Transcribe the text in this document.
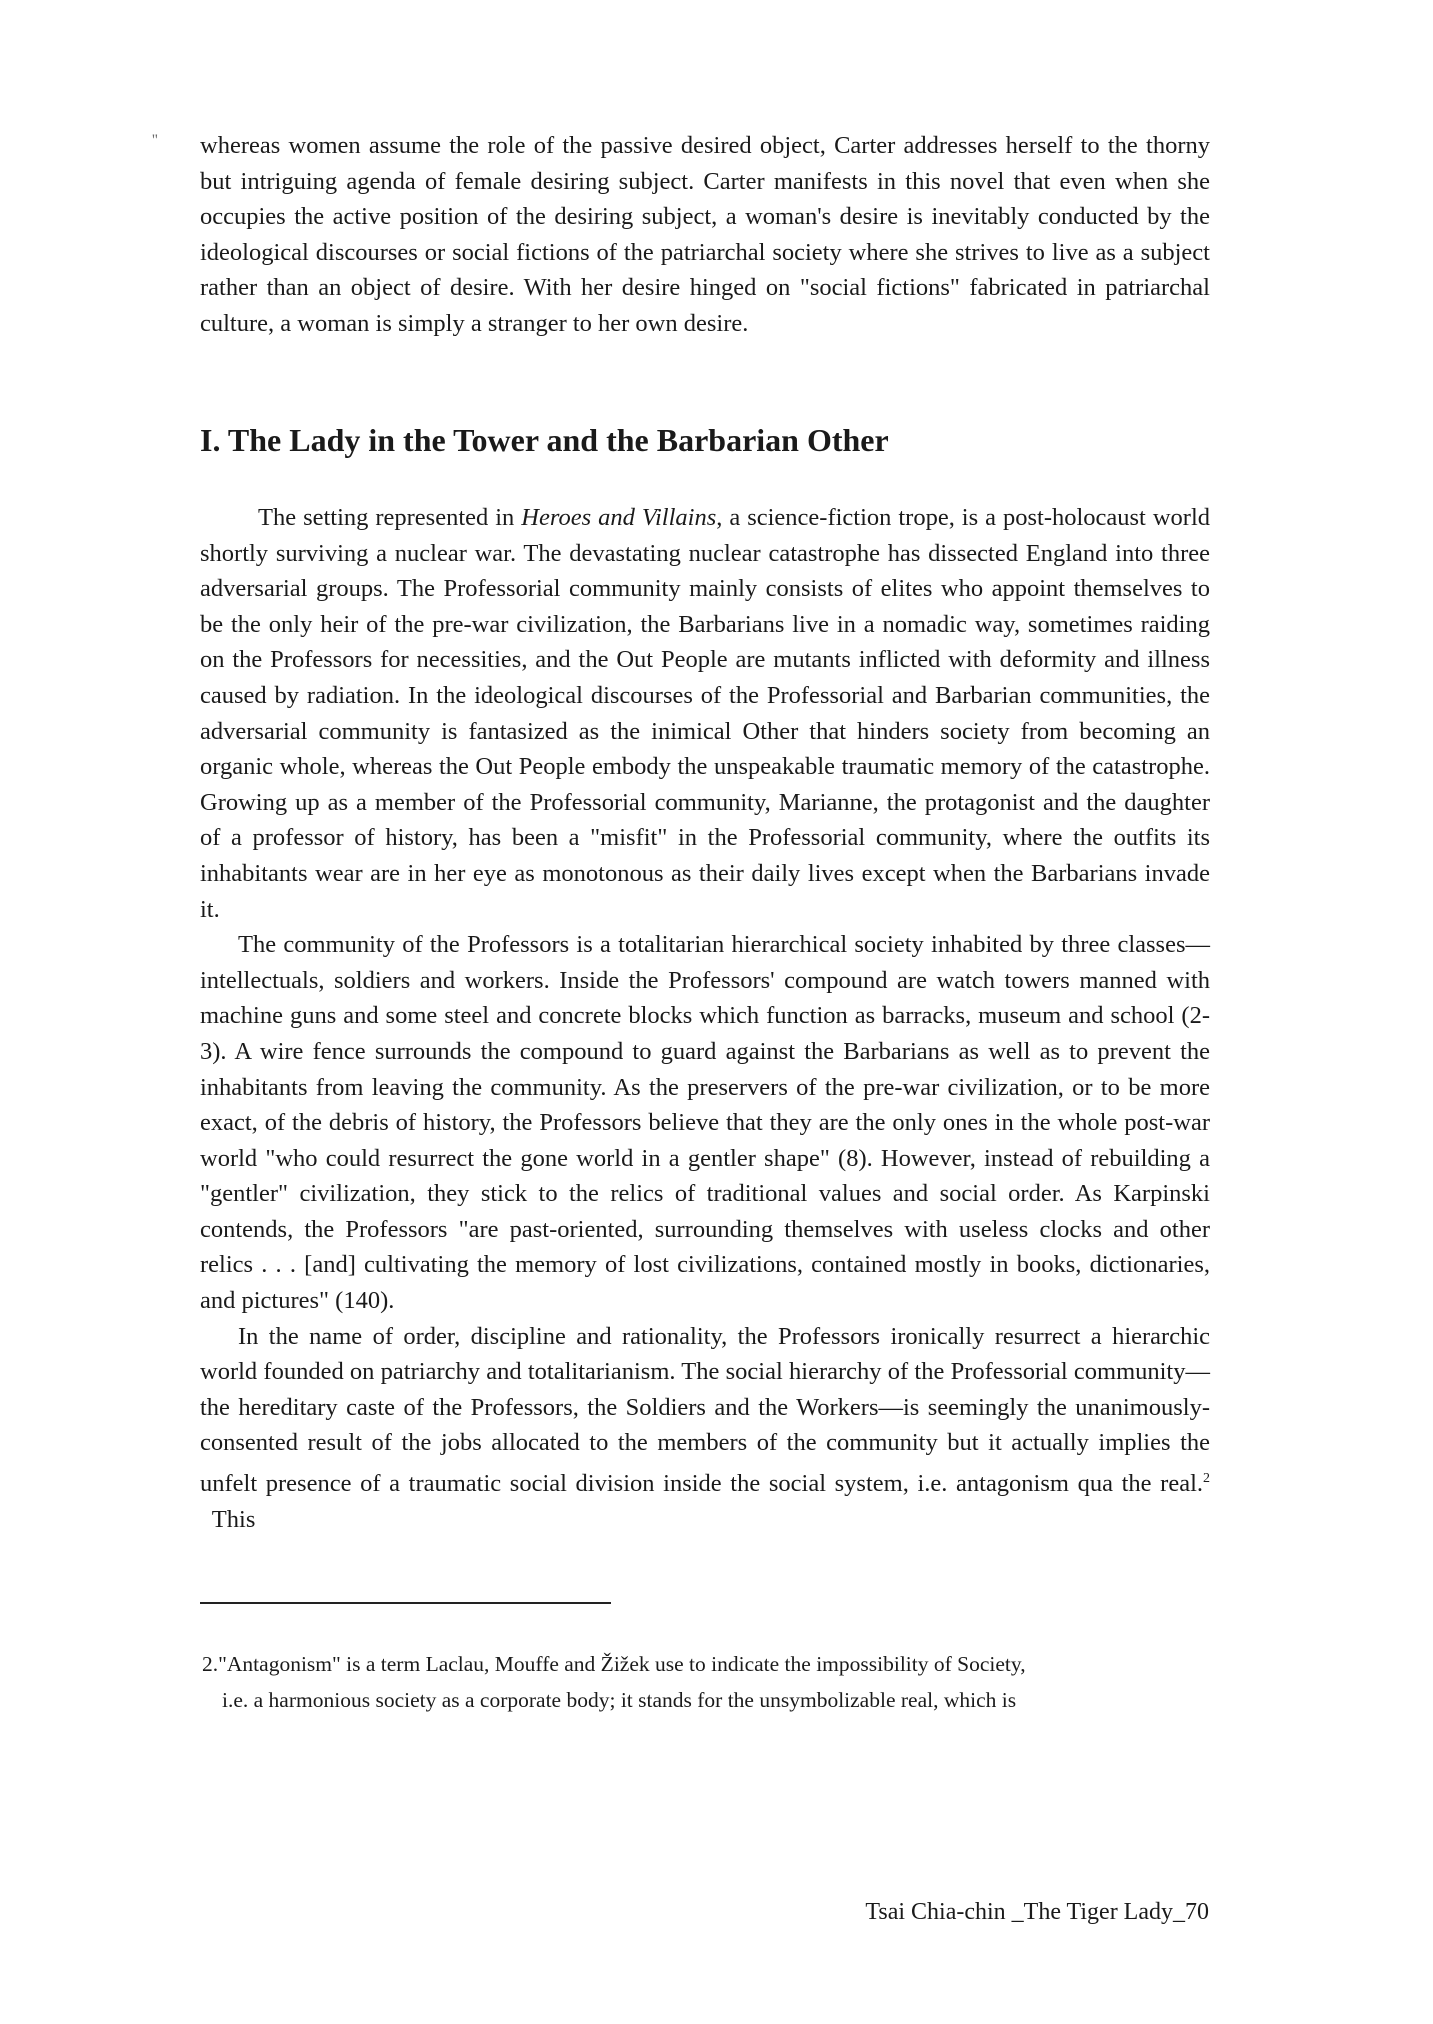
'' whereas women assume the role of the passive desired object, Carter addresses herself to the thorny but intriguing agenda of female desiring subject. Carter manifests in this novel that even when she occupies the active position of the desiring subject, a woman's desire is inevitably conducted by the ideological discourses or social fictions of the patriarchal society where she strives to live as a subject rather than an object of desire. With her desire hinged on "social fictions" fabricated in patriarchal culture, a woman is simply a stranger to her own desire.

I. The Lady in the Tower and the Barbarian Other

The setting represented in Heroes and Villains, a science-fiction trope, is a post-holocaust world shortly surviving a nuclear war. The devastating nuclear catastrophe has dissected England into three adversarial groups. The Professorial community mainly consists of elites who appoint themselves to be the only heir of the pre-war civilization, the Barbarians live in a nomadic way, sometimes raiding on the Professors for necessities, and the Out People are mutants inflicted with deformity and illness caused by radiation. In the ideological discourses of the Professorial and Barbarian communities, the adversarial community is fantasized as the inimical Other that hinders society from becoming an organic whole, whereas the Out People embody the unspeakable traumatic memory of the catastrophe. Growing up as a member of the Professorial community, Marianne, the protagonist and the daughter of a professor of history, has been a "misfit" in the Professorial community, where the outfits its inhabitants wear are in her eye as monotonous as their daily lives except when the Barbarians invade it.

The community of the Professors is a totalitarian hierarchical society inhabited by three classes—intellectuals, soldiers and workers. Inside the Professors' compound are watch towers manned with machine guns and some steel and concrete blocks which function as barracks, museum and school (2-3). A wire fence surrounds the compound to guard against the Barbarians as well as to prevent the inhabitants from leaving the community. As the preservers of the pre-war civilization, or to be more exact, of the debris of history, the Professors believe that they are the only ones in the whole post-war world "who could resurrect the gone world in a gentler shape" (8). However, instead of rebuilding a "gentler" civilization, they stick to the relics of traditional values and social order. As Karpinski contends, the Professors "are past-oriented, surrounding themselves with useless clocks and other relics . . . [and] cultivating the memory of lost civilizations, contained mostly in books, dictionaries, and pictures" (140).

In the name of order, discipline and rationality, the Professors ironically resurrect a hierarchic world founded on patriarchy and totalitarianism. The social hierarchy of the Professorial community—the hereditary caste of the Professors, the Soldiers and the Workers—is seemingly the unanimously-consented result of the jobs allocated to the members of the community but it actually implies the unfelt presence of a traumatic social division inside the social system, i.e. antagonism qua the real.$^2$  This

2."Antagonism" is a term Laclau, Mouffe and Žižek use to indicate the impossibility of Society,
i.e. a harmonious society as a corporate body; it stands for the unsymbolizable real, which is
Tsai Chia-chin _The Tiger Lady_70
